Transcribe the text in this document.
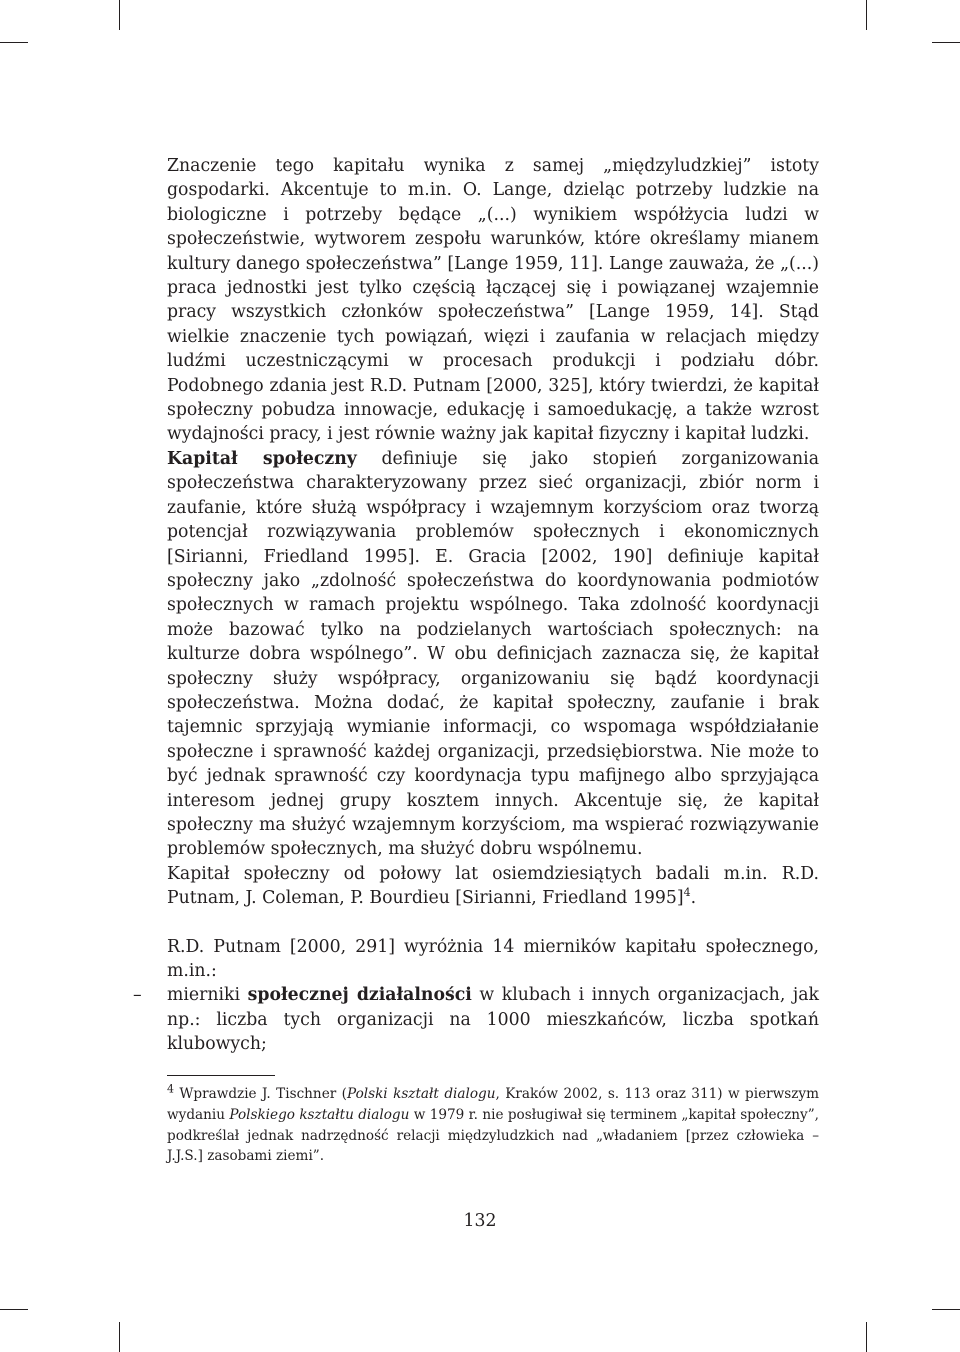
Znaczenie tego kapitału wynika z samej „międzyludzkiej” istoty gospodarki. Akcentuje to m.in. O. Lange, dzieląc potrzeby ludzkie na biologiczne i potrzeby będące „(...) wynikiem współżycia ludzi w społeczeństwie, wytworem zespołu warunków, które określamy mianem kultury danego społeczeństwa” [Lange 1959, 11]. Lange zauważa, że „(...) praca jednostki jest tylko częścią łączącej się i powiązanej wzajemnie pracy wszystkich członków społeczeństwa” [Lange 1959, 14]. Stąd wielkie znaczenie tych powiązań, więzi i zaufania w relacjach między ludźmi uczestniczącymi w procesach produkcji i podziału dóbr. Podobnego zdania jest R.D. Putnam [2000, 325], który twierdzi, że kapitał społeczny pobudza innowacje, edukację i samoedukację, a także wzrost wydajności pracy, i jest równie ważny jak kapitał fizyczny i kapitał ludzki.

Kapitał społeczny definiuje się jako stopień zorganizowania społeczeństwa charakteryzowany przez sieć organizacji, zbiór norm i zaufanie, które służą współpracy i wzajemnym korzyściom oraz tworzą potencjał rozwiązywania problemów społecznych i ekonomicznych [Sirianni, Friedland 1995]. E. Gracia [2002, 190] definiuje kapitał społeczny jako „zdolność społeczeństwa do koordynowania podmiotów społecznych w ramach projektu wspólnego. Taka zdolność koordynacji może bazować tylko na podzielanych wartościach społecznych: na kulturze dobra wspólnego”. W obu definicjach zaznacza się, że kapitał społeczny służy współpracy, organizowaniu się bądź koordynacji społeczeństwa. Można dodać, że kapitał społeczny, zaufanie i brak tajemnic sprzyjają wymianie informacji, co wspomaga współdziałanie społeczne i sprawność każdej organizacji, przedsiębiorstwa. Nie może to być jednak sprawność czy koordynacja typu mafijnego albo sprzyjająca interesom jednej grupy kosztem innych. Akcentuje się, że kapitał społeczny ma służyć wzajemnym korzyściom, ma wspierać rozwiązywanie problemów społecznych, ma służyć dobru wspólnemu.

Kapitał społeczny od połowy lat osiemdziesiątych badali m.in. R.D. Putnam, J. Coleman, P. Bourdieu [Sirianni, Friedland 1995]$^4$.

R.D. Putnam [2000, 291] wyróżnia 14 mierników kapitału społecznego, m.in.:

– mierniki społecznej działalności w klubach i innych organizacjach, jak np.: liczba tych organizacji na 1000 mieszkańców, liczba spotkań klubowych;
$^4$ Wprawdzie J. Tischner (Polski kształt dialogu, Kraków 2002, s. 113 oraz 311) w pierwszym wydaniu Polskiego kształtu dialogu w 1979 r. nie posługiwał się terminem „kapitał społeczny”, podkreślał jednak nadrzędność relacji międzyludzkich nad „władaniem [przez człowieka – J.J.S.] zasobami ziemi”.
132
